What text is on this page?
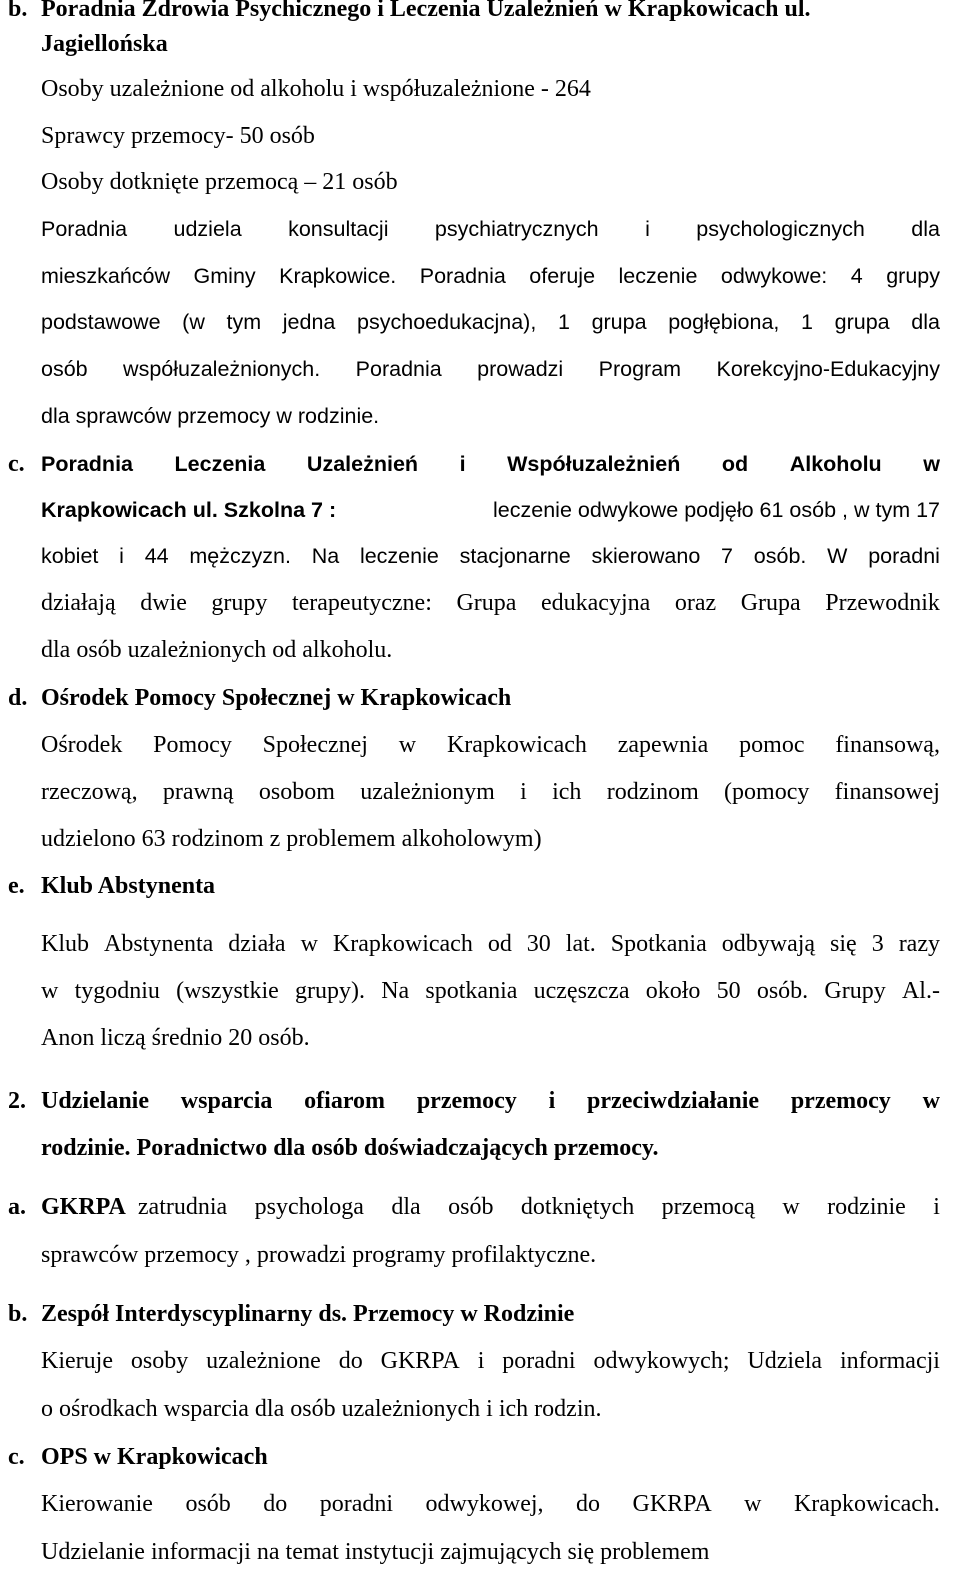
b. Poradnia Zdrowia Psychicznego i Leczenia Uzależnień w Krapkowicach ul.
Jagiellońska
Osoby uzależnione od alkoholu i współuzależnione - 264
Sprawcy przemocy- 50 osób
Osoby dotknięte przemocą – 21 osób
Poradnia udziela konsultacji psychiatrycznych i psychologicznych dla
mieszkańców Gminy Krapkowice. Poradnia oferuje leczenie odwykowe: 4 grupy
podstawowe (w tym jedna psychoedukacjna), 1 grupa pogłębiona, 1 grupa dla
osób współuzależnionych. Poradnia prowadzi Program Korekcyjno-Edukacyjny
dla sprawców przemocy w rodzinie.
c. Poradnia Leczenia Uzależnień i Współuzależnień od Alkoholu w
Krapkowicach ul. Szkolna 7 :	leczenie odwykowe podjęło 61 osób , w tym 17
kobiet i 44 mężczyzn. Na leczenie stacjonarne skierowano 7 osób. W poradni
działają dwie grupy terapeutyczne: Grupa edukacyjna oraz Grupa Przewodnik
dla osób uzależnionych od alkoholu.
d. Ośrodek Pomocy Społecznej w Krapkowicach
Ośrodek Pomocy Społecznej w Krapkowicach zapewnia pomoc finansową,
rzeczową, prawną osobom uzależnionym i ich rodzinom (pomocy finansowej
udzielono 63 rodzinom z problemem alkoholowym)
e. Klub Abstynenta
Klub Abstynenta działa w Krapkowicach od 30 lat. Spotkania odbywają się 3 razy
w tygodniu (wszystkie grupy). Na spotkania uczęszcza około 50 osób. Grupy Al.-
Anon liczą średnio 20 osób.
2. Udzielanie wsparcia ofiarom przemocy i przeciwdziałanie przemocy w
rodzinie. Poradnictwo dla osób doświadczających przemocy.
a. GKRPA zatrudnia psychologa dla osób dotkniętych przemocą w rodzinie i
sprawców przemocy , prowadzi programy profilaktyczne.
b. Zespół Interdyscyplinarny ds. Przemocy w Rodzinie
Kieruje osoby uzależnione do GKRPA i poradni odwykowych; Udziela informacji
o ośrodkach wsparcia dla osób uzależnionych i ich rodzin.
c. OPS w Krapkowicach
Kierowanie osób do poradni odwykowej, do GKRPA w Krapkowicach.
Udzielanie informacji na temat instytucji zajmujących się problemem
